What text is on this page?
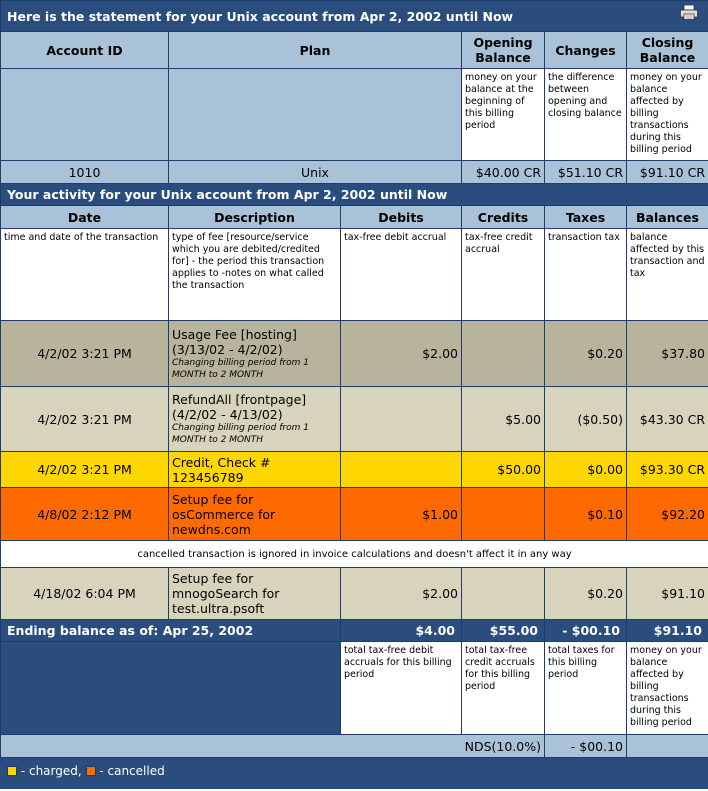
Here is the statement for your Unix account from Apr 2, 2002 until Now					

Account ID	Plan		Opening Balance	Changes	Closing Balance
			money on your balance at the beginning of this billing period	the difference between opening and closing balance	money on your balance affected by billing transactions during this billing period
1010	Unix		$40.00 CR	$51.10 CR	$91.10 CR
Your activity for your Unix account from Apr 2, 2002 until Now					
Date	Description	Debits	Credits	Taxes	Balances
time and date of the transaction	type of fee [resource/service which you are debited/credited for] - the period this transaction applies to -notes on what called the transaction	tax-free debit accrual	tax-free credit accrual	transaction tax	balance affected by this transaction and tax
4/2/02 3:21 PM	Usage Fee [hosting] (3/13/02 - 4/2/02)
Changing billing period from 1 MONTH to 2 MONTH	$2.00		$0.20	$37.80
4/2/02 3:21 PM	RefundAll [frontpage] (4/2/02 - 4/13/02)
Changing billing period from 1 MONTH to 2 MONTH		$5.00	($0.50)	$43.30 CR
4/2/02 3:21 PM	Credit, Check # 123456789		$50.00	$0.00	$93.30 CR
4/8/02 2:12 PM	Setup fee for osCommerce for newdns.com	$1.00		$0.10	$92.20
cancelled transaction is ignored in invoice calculations and doesn't affect it in any way					
4/18/02 6:04 PM	Setup fee for mnogoSearch for test.ultra.psoft	$2.00		$0.20	$91.10
Ending balance as of: Apr 25, 2002		$4.00	$55.00	- $00.10	$91.10
		total tax-free debit accruals for this billing period	total tax-free credit accruals for this billing period	total taxes for this billing period	money on your balance affected by billing transactions during this billing period
NDS(10.0%)				- $00.10	
- charged, - cancelled
